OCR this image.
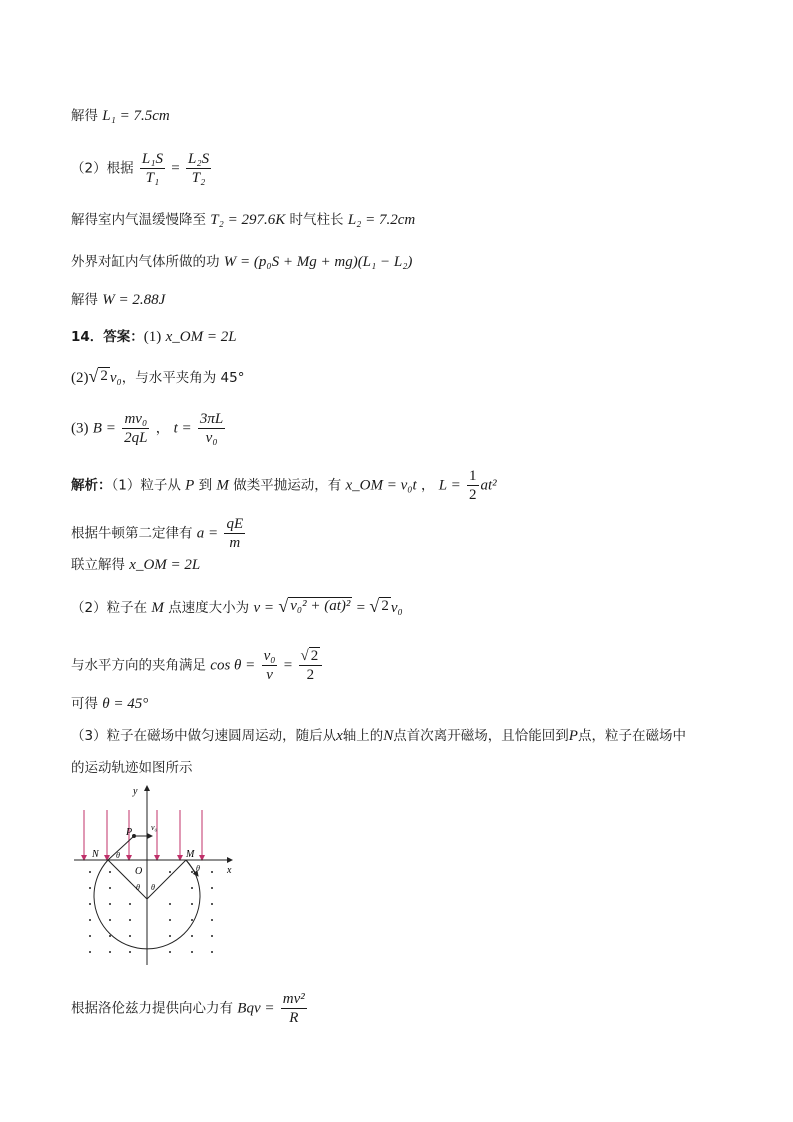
解得 L₁ = 7.5cm
（2）根据 $\frac{\text{L₁S}}{\text{T₁}} = \frac{\text{L₂S}}{\text{T₂}}$
解得室内气温缓慢降至 T₂ = 297.6K 时气柱长 L₂ = 7.2cm
外界对缸内气体所做的功 W = (p₀S + Mg + mg)(L₁ − L₂)
解得 W = 2.88J
14．答案：(1) x_OM = 2L
(2) √ 2 v₀，与水平夹角为 45°
(3) $B = \frac{\text{mv₀}}{2qL}$ ， $t = \frac{3\pi L}{\text{v₀}}$
解析：（1）粒子从 P 到 M 做类平抛运动，有 x_OM = v₀t ， $L = \frac{1}{2} at^2$
根据牛顿第二定律有 $a = \frac{qE}{m}$
联立解得 x_OM = 2L
（2）粒子在 M 点速度大小为 v = √ v₀² + (at)² = √ 2 v₀
与水平方向的夹角满足 $\cos \theta = \frac{\text{v₀}}{v} = \frac{√ 2}{2}$
可得 θ = 45°
（3）粒子在磁场中做匀速圆周运动，随后从x轴上的N点首次离开磁场，且恰能回到P点，粒子在磁场中
的运动轨迹如图所示
y
x
O
P
N	M
v₀
θ
θ
θ θ
根据洛伦兹力提供向心力有 Bqv = $\frac{\text{mv²}}{R}$
